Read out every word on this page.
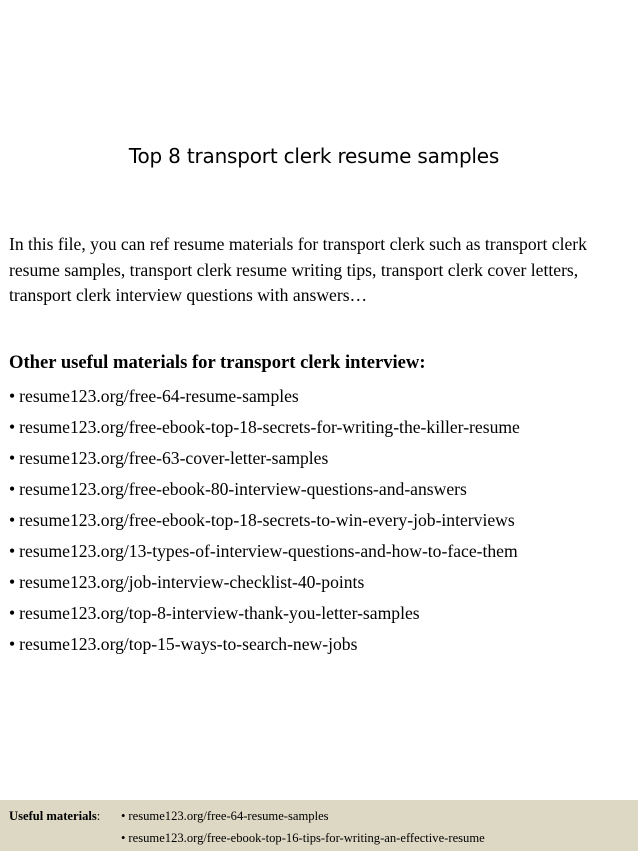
Top 8 transport clerk resume samples

In this file, you can ref resume materials for transport clerk such as transport clerk resume samples, transport clerk resume writing tips, transport clerk cover letters, transport clerk interview questions with answers…

Other useful materials for transport clerk interview:
• resume123.org/free-64-resume-samples
• resume123.org/free-ebook-top-18-secrets-for-writing-the-killer-resume
• resume123.org/free-63-cover-letter-samples
• resume123.org/free-ebook-80-interview-questions-and-answers
• resume123.org/free-ebook-top-18-secrets-to-win-every-job-interviews
• resume123.org/13-types-of-interview-questions-and-how-to-face-them
• resume123.org/job-interview-checklist-40-points
• resume123.org/top-8-interview-thank-you-letter-samples
• resume123.org/top-15-ways-to-search-new-jobs
Useful materials:	• resume123.org/free-64-resume-samples
• resume123.org/free-ebook-top-16-tips-for-writing-an-effective-resume
